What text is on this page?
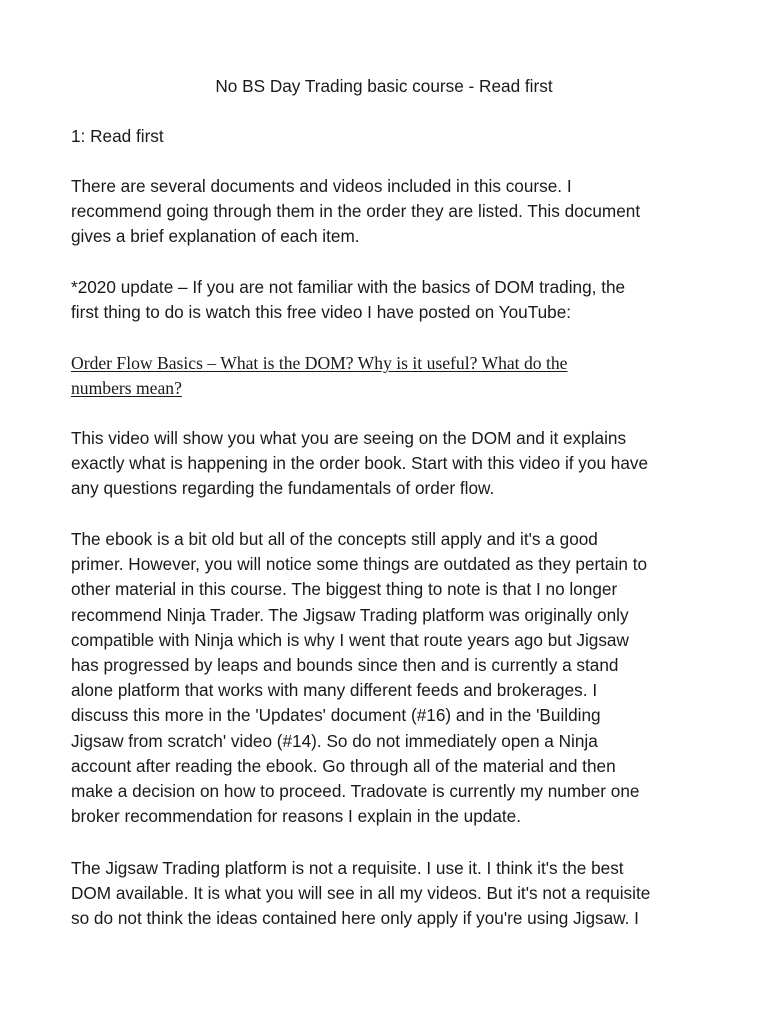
No BS Day Trading basic course - Read first
1: Read first

There are several documents and videos included in this course. I
recommend going through them in the order they are listed. This document
gives a brief explanation of each item.

*2020 update – If you are not familiar with the basics of DOM trading, the
first thing to do is watch this free video I have posted on YouTube:

Order Flow Basics – What is the DOM? Why is it useful? What do the
numbers mean?

This video will show you what you are seeing on the DOM and it explains
exactly what is happening in the order book. Start with this video if you have
any questions regarding the fundamentals of order flow.

The ebook is a bit old but all of the concepts still apply and it's a good
primer. However, you will notice some things are outdated as they pertain to
other material in this course. The biggest thing to note is that I no longer
recommend Ninja Trader. The Jigsaw Trading platform was originally only
compatible with Ninja which is why I went that route years ago but Jigsaw
has progressed by leaps and bounds since then and is currently a stand
alone platform that works with many different feeds and brokerages. I
discuss this more in the 'Updates' document (#16) and in the 'Building
Jigsaw from scratch' video (#14). So do not immediately open a Ninja
account after reading the ebook. Go through all of the material and then
make a decision on how to proceed. Tradovate is currently my number one
broker recommendation for reasons I explain in the update.

The Jigsaw Trading platform is not a requisite. I use it. I think it's the best
DOM available. It is what you will see in all my videos. But it's not a requisite
so do not think the ideas contained here only apply if you're using Jigsaw. I
